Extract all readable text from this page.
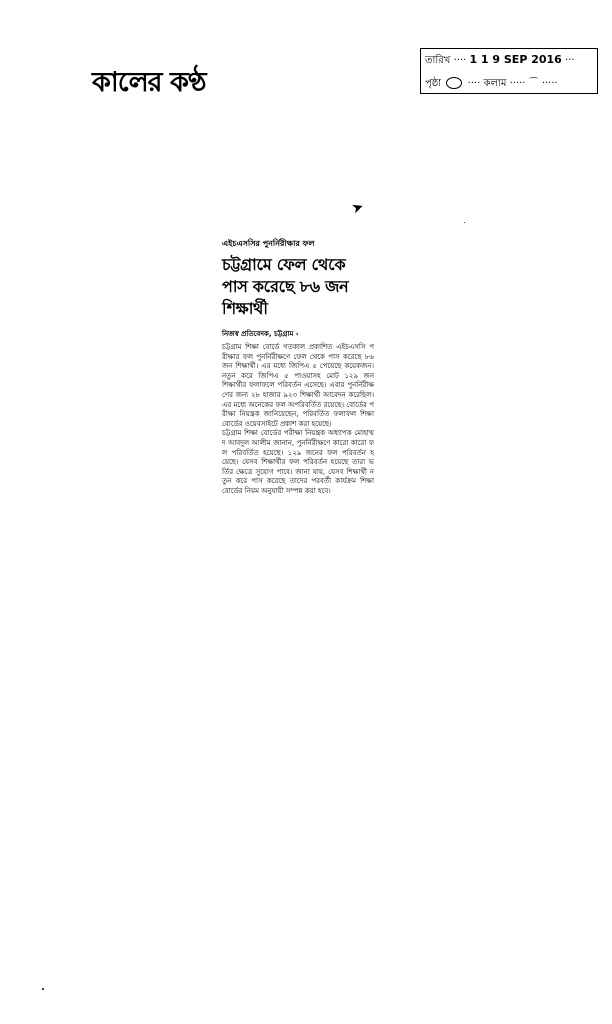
কালের কণ্ঠ
তারিখ ···· 1 1 9 SEP 2016 ···
পৃষ্ঠা	···· কলাম ····· ⌒ ·····
➤
এইচএসসির পুনর্নিরীক্ষার ফল
চট্টগ্রামে ফেল থেকে পাস করেছে ৮৬ জন শিক্ষার্থী
নিজস্ব প্রতিবেদক, চট্টগ্রাম ›

চট্টগ্রাম শিক্ষা বোর্ডে গতকাল প্রকাশিত এইচএসসি পরীক্ষার ফল পুনর্নিরীক্ষণে ফেল থেকে পাস করেছে ৮৬ জন শিক্ষার্থী। এর মধ্যে জিপিএ ৫ পেয়েছে কয়েকজন। নতুন করে জিপিএ ৫ পাওয়াসহ মোট ১২৯ জন শিক্ষার্থীর ফলাফলে পরিবর্তন এসেছে। এবার পুনর্নিরীক্ষণের জন্য ২৮ হাজার ৯২৩ শিক্ষার্থী আবেদন করেছিল। এর মধ্যে অনেকের ফল অপরিবর্তিত রয়েছে। বোর্ডের পরীক্ষা নিয়ন্ত্রক জানিয়েছেন, পরিবর্তিত ফলাফল শিক্ষা বোর্ডের ওয়েবসাইটে প্রকাশ করা হয়েছে।

চট্টগ্রাম শিক্ষা বোর্ডের পরীক্ষা নিয়ন্ত্রক অধ্যাপক মোহাম্মদ আবদুল আলীম জানান, পুনর্নিরীক্ষণে কারো কারো ফল পরিবর্তিত হয়েছে। ১২৯ জনের ফল পরিবর্তন হয়েছে। যেসব শিক্ষার্থীর ফল পরিবর্তন হয়েছে তারা ভর্তির ক্ষেত্রে সুযোগ পাবে। জানা যায়, যেসব শিক্ষার্থী নতুন করে পাস করেছে তাদের পরবর্তী কার্যক্রম শিক্ষা বোর্ডের নিয়ম অনুযায়ী সম্পন্ন করা হবে।
